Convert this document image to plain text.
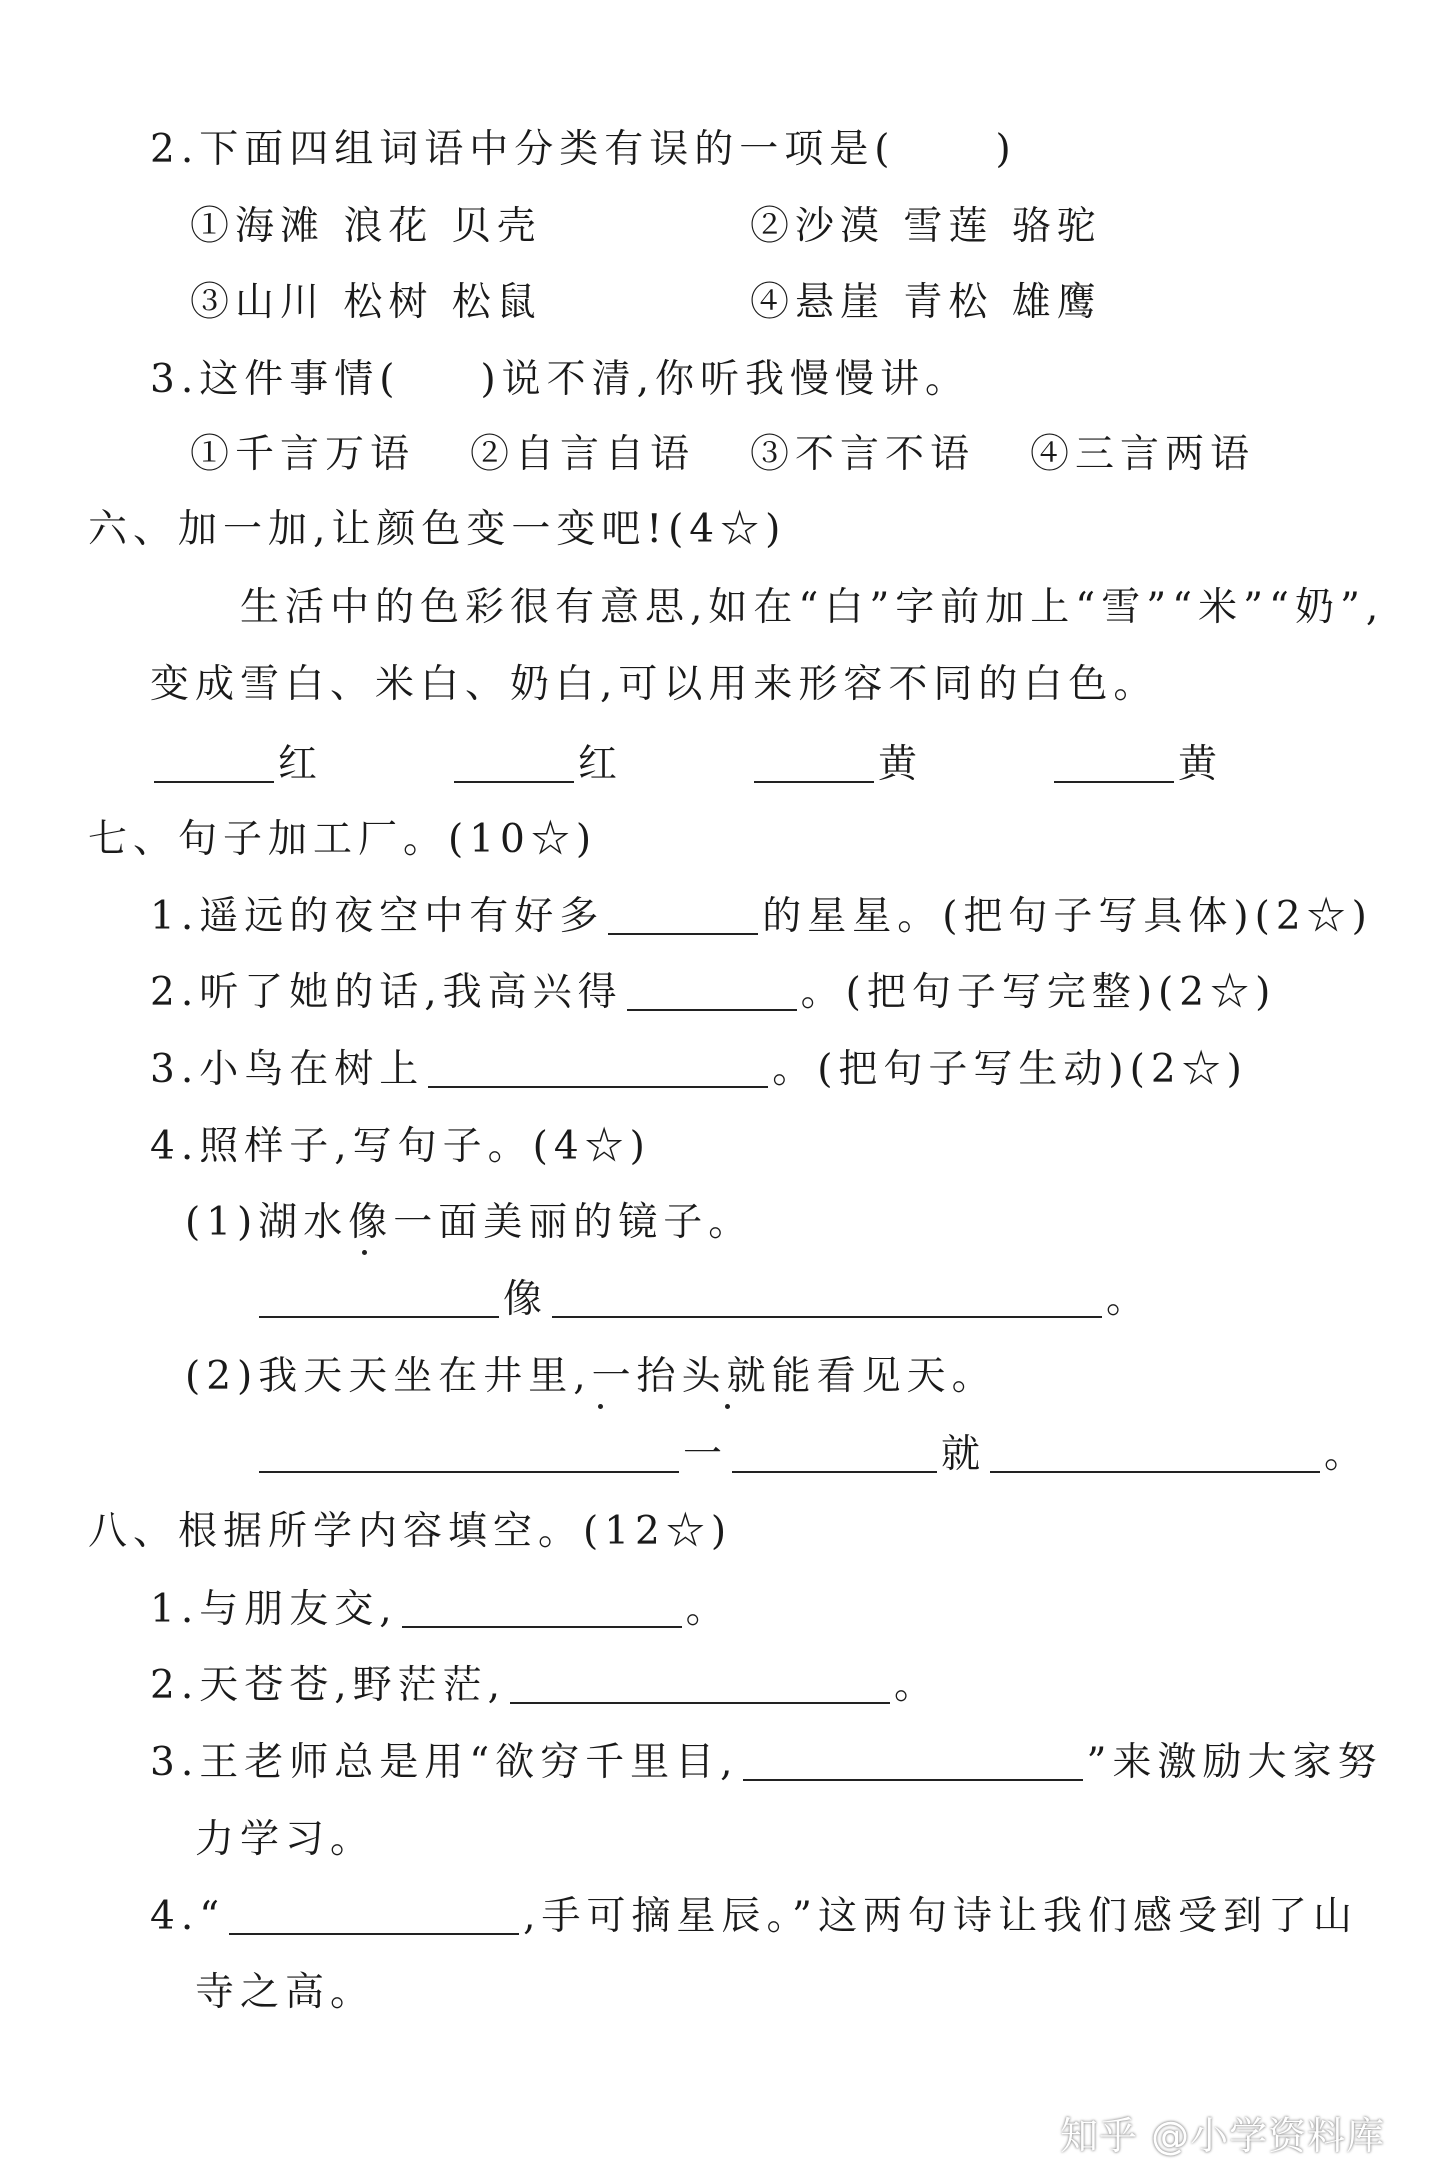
2.下面四组词语中分类有误的一项是(	)
①海滩 浪花 贝壳	②沙漠 雪莲 骆驼
③山川 松树 松鼠	④悬崖 青松 雄鹰
3.这件事情( )说不清,你听我慢慢讲。
①千言万语 ②自言自语 ③不言不语 ④三言两语
六、加一加,让颜色变一变吧!(4☆)
生活中的色彩很有意思,如在“白”字前加上“雪”“米”“奶”,
变成雪白、米白、奶白,可以用来形容不同的白色。
红	红	黄	黄
七、句子加工厂。(10☆)
1.遥远的夜空中有好多	的星星。(把句子写具体)(2☆)
2.听了她的话,我高兴得	。(把句子写完整)(2☆)
3.小鸟在树上	。(把句子写生动)(2☆)
4.照样子,写句子。(4☆)
(1)湖水像一面美丽的镜子。
像	。
(2)我天天坐在井里,一抬头就能看见天。
一	就	。
八、根据所学内容填空。(12☆)
1.与朋友交,	。
2.天苍苍,野茫茫,	。
3.王老师总是用“欲穷千里目,	”来激励大家努
力学习。
4.“	,手可摘星辰。”这两句诗让我们感受到了山
寺之高。
知乎 @小学资料库
